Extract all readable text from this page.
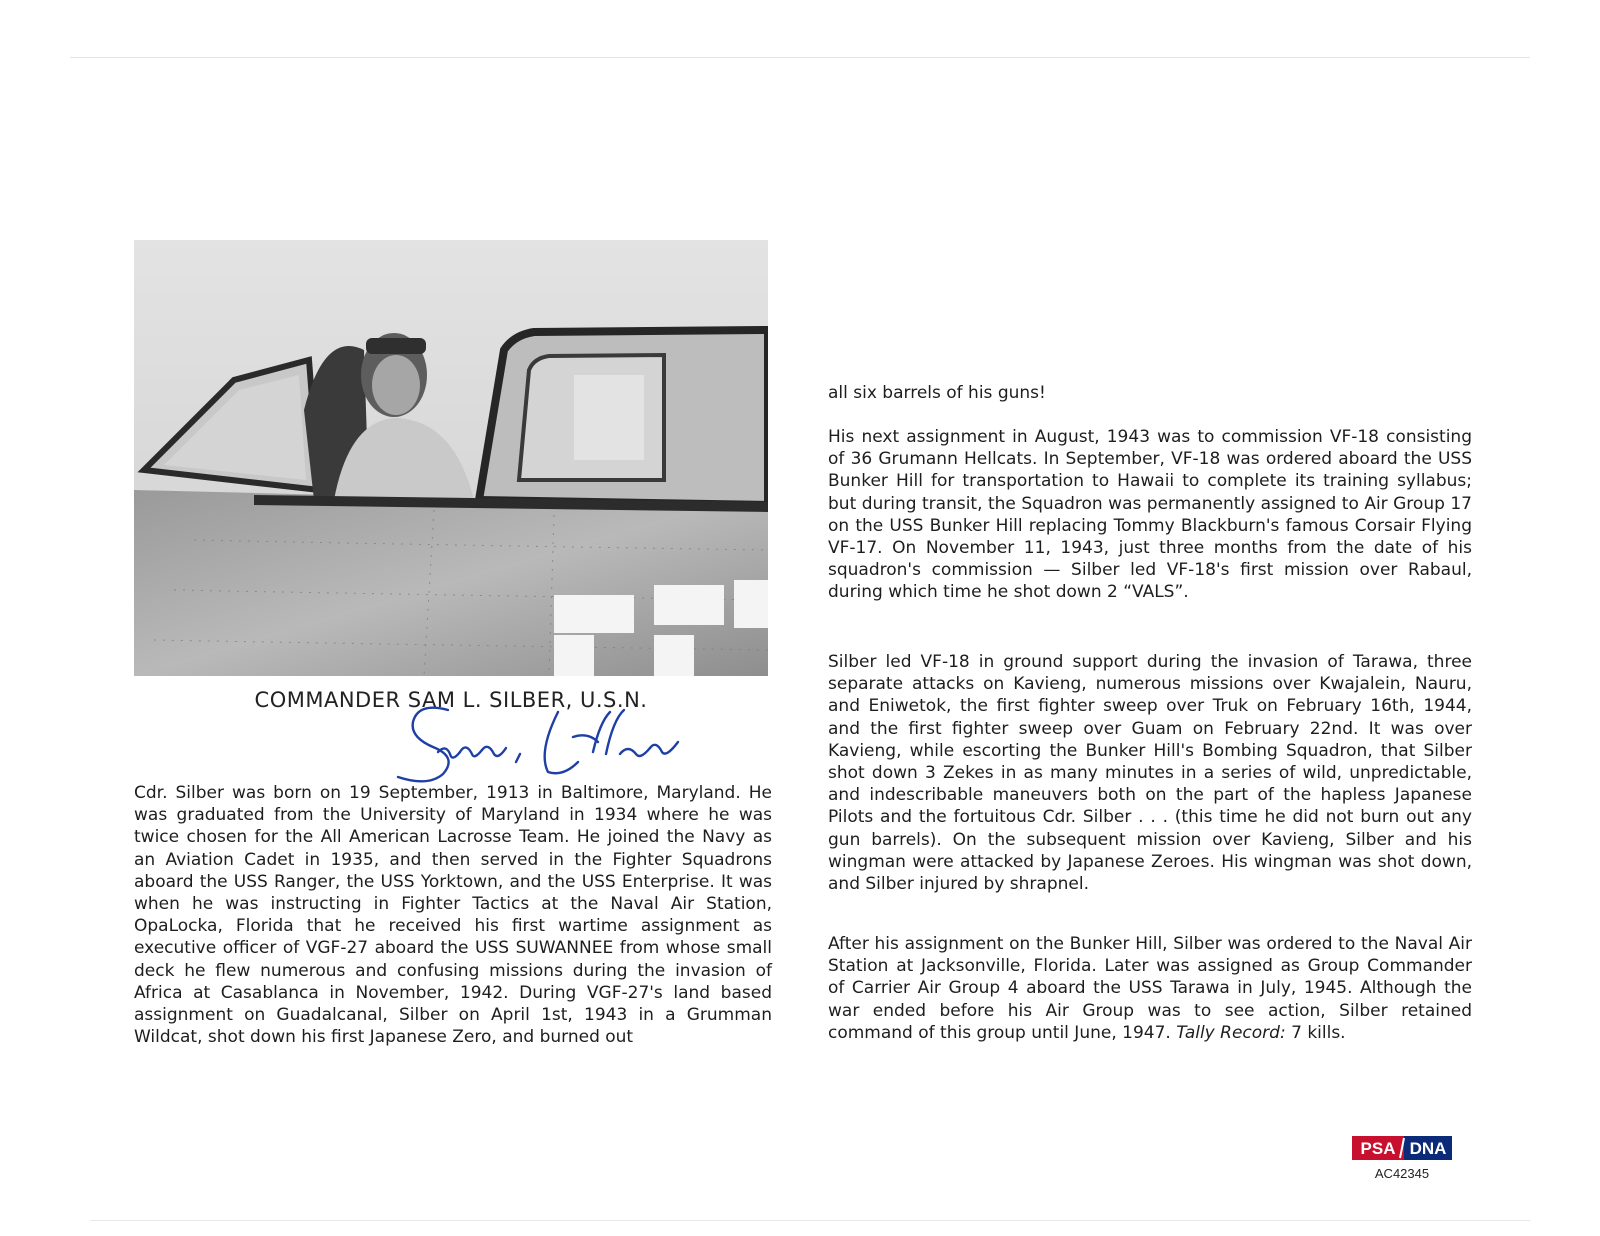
COMMANDER SAM L. SILBER, U.S.N.

Cdr. Silber was born on 19 September, 1913 in Baltimore, Maryland. He was graduated from the University of Maryland in 1934 where he was twice chosen for the All American Lacrosse Team. He joined the Navy as an Aviation Cadet in 1935, and then served in the Fighter Squadrons aboard the USS Ranger, the USS Yorktown, and the USS Enterprise. It was when he was instructing in Fighter Tactics at the Naval Air Station, OpaLocka, Florida that he received his first wartime assignment as executive officer of VGF-27 aboard the USS SUWANNEE from whose small deck he flew numerous and confusing missions during the invasion of Africa at Casablanca in November, 1942. During VGF-27's land based assignment on Guadalcanal, Silber on April 1st, 1943 in a Grumman Wildcat, shot down his first Japanese Zero, and burned out

all six barrels of his guns!

His next assignment in August, 1943 was to commission VF-18 consisting of 36 Grumann Hellcats. In September, VF-18 was ordered aboard the USS Bunker Hill for transportation to Hawaii to complete its training syllabus; but during transit, the Squadron was permanently assigned to Air Group 17 on the USS Bunker Hill replacing Tommy Blackburn's famous Corsair Flying VF-17. On November 11, 1943, just three months from the date of his squadron's commission — Silber led VF-18's first mission over Rabaul, during which time he shot down 2 “VALS”.

Silber led VF-18 in ground support during the invasion of Tarawa, three separate attacks on Kavieng, numerous missions over Kwajalein, Nauru, and Eniwetok, the first fighter sweep over Truk on February 16th, 1944, and the first fighter sweep over Guam on February 22nd. It was over Kavieng, while escorting the Bunker Hill's Bombing Squadron, that Silber shot down 3 Zekes in as many minutes in a series of wild, unpredictable, and indescribable maneuvers both on the part of the hapless Japanese Pilots and the fortuitous Cdr. Silber . . . (this time he did not burn out any gun barrels). On the subsequent mission over Kavieng, Silber and his wingman were attacked by Japanese Zeroes. His wingman was shot down, and Silber injured by shrapnel.

After his assignment on the Bunker Hill, Silber was ordered to the Naval Air Station at Jacksonville, Florida. Later was assigned as Group Commander of Carrier Air Group 4 aboard the USS Tarawa in July, 1945. Although the war ended before his Air Group was to see action, Silber retained command of this group until June, 1947. Tally Record: 7 kills.

PSA DNA
AC42345
